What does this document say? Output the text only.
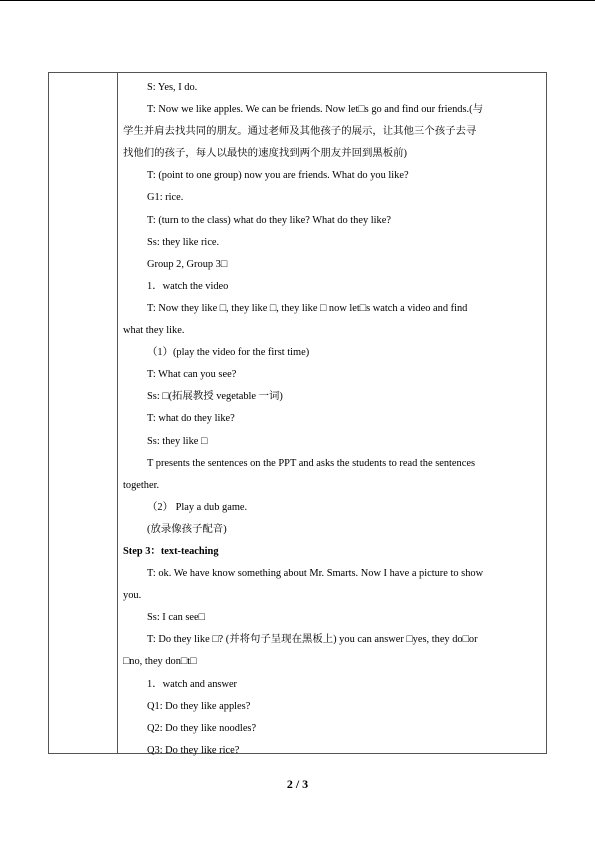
S: Yes, I do.
T: Now we like apples. We can be friends. Now let□s go and find our friends.(与
学生并肩去找共同的朋友。通过老师及其他孩子的展示，让其他三个孩子去寻
找他们的孩子，每人以最快的速度找到两个朋友并回到黑板前)
T: (point to one group) now you are friends. What do you like?
G1: rice.
T: (turn to the class) what do they like? What do they like?
Ss: they like rice.
Group 2, Group 3□
1．watch the video
T: Now they like □, they like □, they like □ now let□s watch a video and find
what they like.
（1）(play the video for the first time)
T: What can you see?
Ss: □(拓展教授 vegetable 一词)
T: what do they like?
Ss: they like □
T presents the sentences on the PPT and asks the students to read the sentences
together.
（2） Play a dub game.
(放录像孩子配音)
Step 3：text-teaching
T: ok. We have know something about Mr. Smarts. Now I have a picture to show
you.
Ss: I can see□
T: Do they like □? (并将句子呈现在黑板上) you can answer □yes, they do□or
□no, they don□t□
1．watch and answer
Q1: Do they like apples?
Q2: Do they like noodles?
Q3: Do they like rice?
2 / 3
